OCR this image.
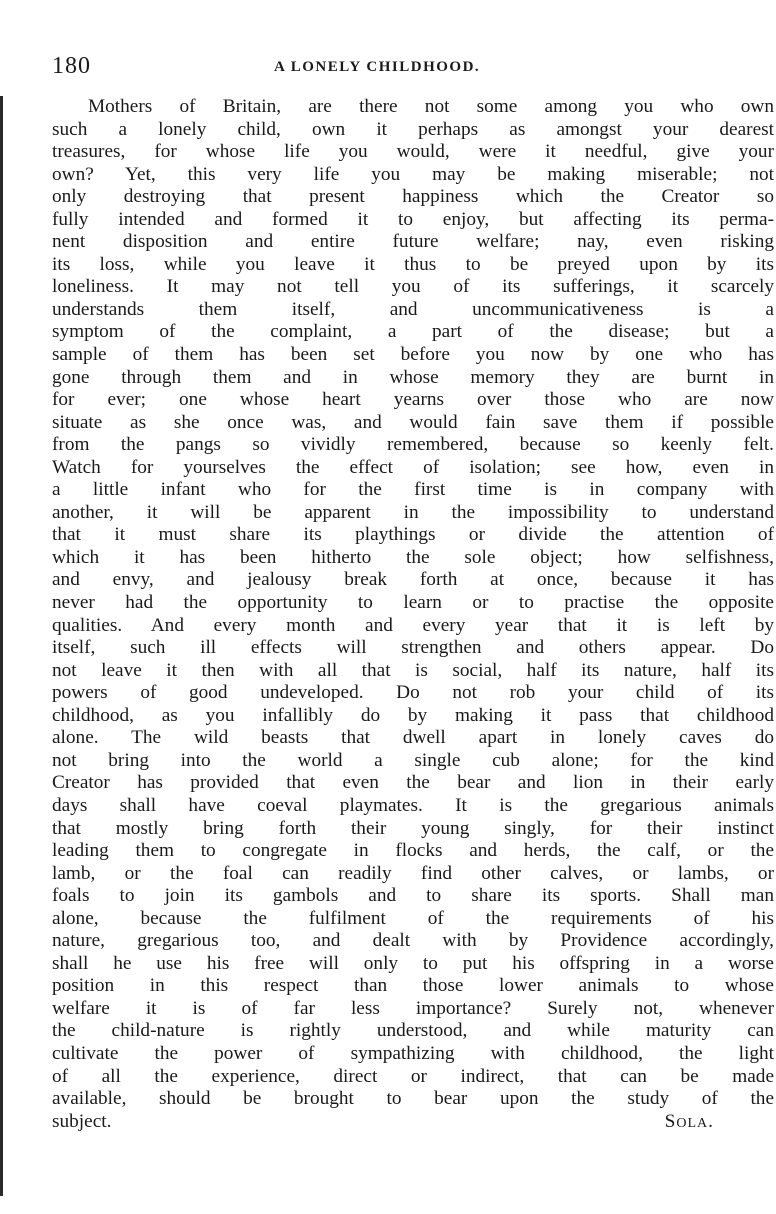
180	A LONELY CHILDHOOD.
Mothers of Britain, are there not some among you who own
such a lonely child, own it perhaps as amongst your dearest
treasures, for whose life you would, were it needful, give your
own? Yet, this very life you may be making miserable; not
only destroying that present happiness which the Creator so
fully intended and formed it to enjoy, but affecting its perma-
nent disposition and entire future welfare; nay, even risking
its loss, while you leave it thus to be preyed upon by its
loneliness. It may not tell you of its sufferings, it scarcely
understands them itself, and uncommunicativeness is a
symptom of the complaint, a part of the disease; but a
sample of them has been set before you now by one who has
gone through them and in whose memory they are burnt in
for ever; one whose heart yearns over those who are now
situate as she once was, and would fain save them if possible
from the pangs so vividly remembered, because so keenly felt.
Watch for yourselves the effect of isolation; see how, even in
a little infant who for the first time is in company with
another, it will be apparent in the impossibility to understand
that it must share its playthings or divide the attention of
which it has been hitherto the sole object; how selfishness,
and envy, and jealousy break forth at once, because it has
never had the opportunity to learn or to practise the opposite
qualities. And every month and every year that it is left by
itself, such ill effects will strengthen and others appear. Do
not leave it then with all that is social, half its nature, half its
powers of good undeveloped. Do not rob your child of its
childhood, as you infallibly do by making it pass that childhood
alone. The wild beasts that dwell apart in lonely caves do
not bring into the world a single cub alone; for the kind
Creator has provided that even the bear and lion in their early
days shall have coeval playmates. It is the gregarious animals
that mostly bring forth their young singly, for their instinct
leading them to congregate in flocks and herds, the calf, or the
lamb, or the foal can readily find other calves, or lambs, or
foals to join its gambols and to share its sports. Shall man
alone, because the fulfilment of the requirements of his
nature, gregarious too, and dealt with by Providence accordingly,
shall he use his free will only to put his offspring in a worse
position in this respect than those lower animals to whose
welfare it is of far less importance? Surely not, whenever
the child-nature is rightly understood, and while maturity can
cultivate the power of sympathizing with childhood, the light
of all the experience, direct or indirect, that can be made
available, should be brought to bear upon the study of the
subject.	Sola.
